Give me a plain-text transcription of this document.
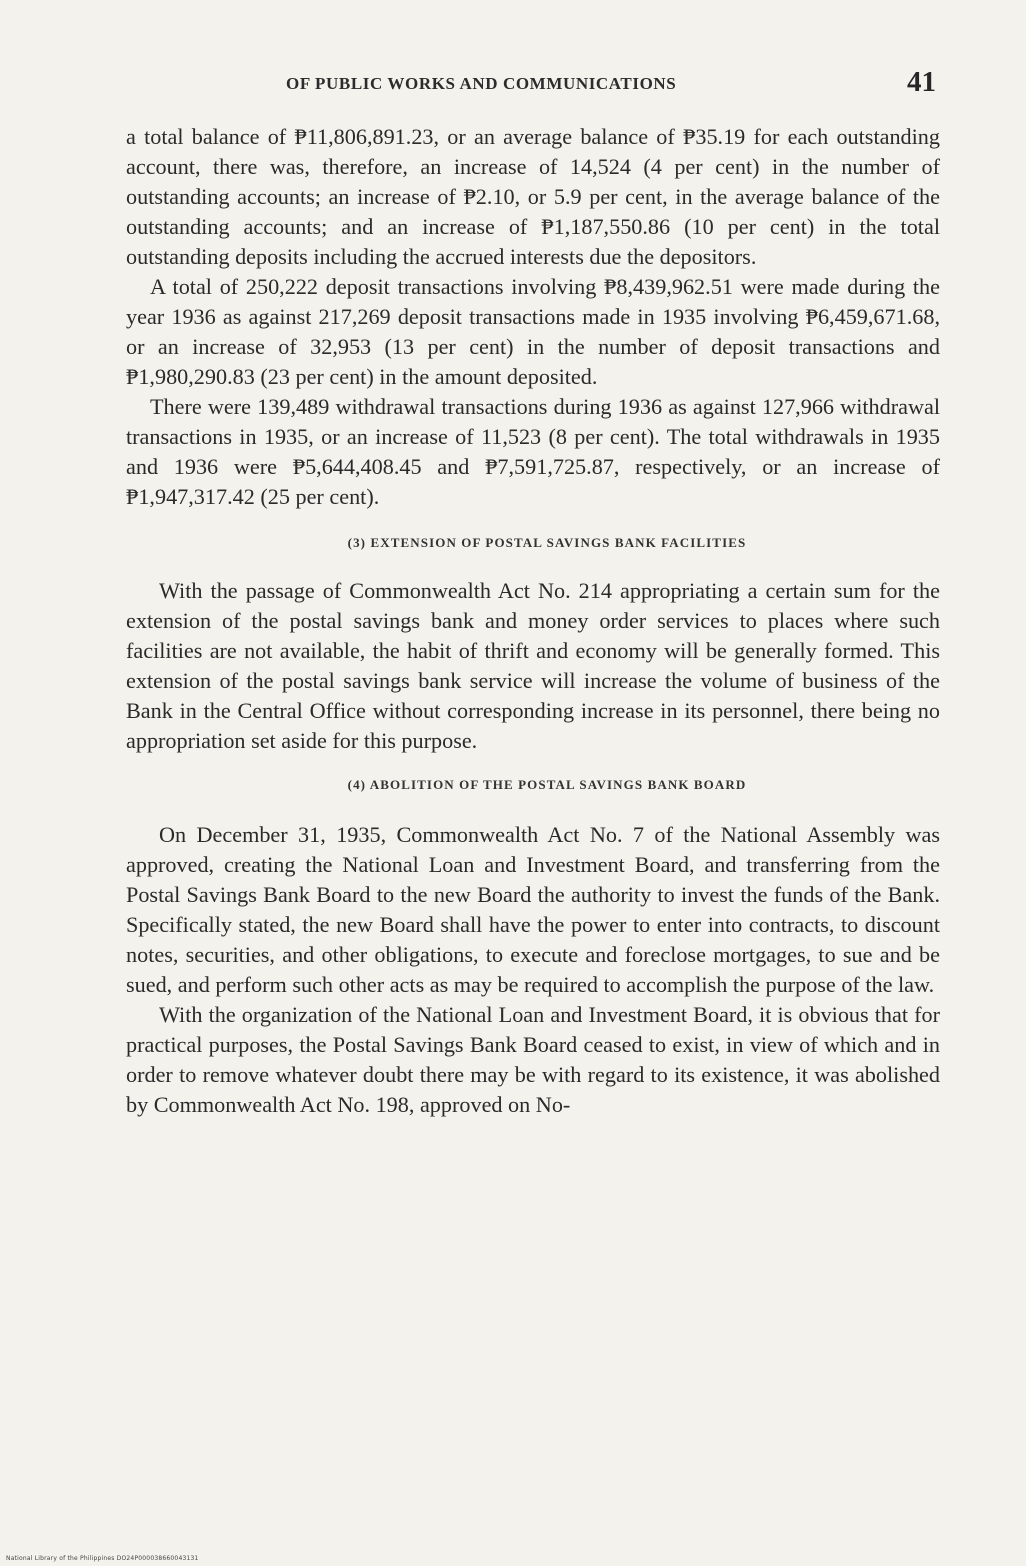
OF PUBLIC WORKS AND COMMUNICATIONS	41

a total balance of ₱11,806,891.23, or an average balance of ₱35.19 for each outstanding account, there was, therefore, an increase of 14,524 (4 per cent) in the number of outstanding accounts; an increase of ₱2.10, or 5.9 per cent, in the average balance of the outstanding accounts; and an increase of ₱1,187,550.86 (10 per cent) in the total outstanding deposits including the accrued interests due the depositors.

A total of 250,222 deposit transactions involving ₱8,439,962.51 were made during the year 1936 as against 217,269 deposit transactions made in 1935 involving ₱6,459,671.68, or an increase of 32,953 (13 per cent) in the number of deposit transactions and ₱1,980,290.83 (23 per cent) in the amount deposited.

There were 139,489 withdrawal transactions during 1936 as against 127,966 withdrawal transactions in 1935, or an increase of 11,523 (8 per cent). The total withdrawals in 1935 and 1936 were ₱5,644,408.45 and ₱7,591,725.87, respectively, or an increase of ₱1,947,317.42 (25 per cent).

(3) EXTENSION OF POSTAL SAVINGS BANK FACILITIES

With the passage of Commonwealth Act No. 214 appropriating a certain sum for the extension of the postal savings bank and money order services to places where such facilities are not available, the habit of thrift and economy will be generally formed. This extension of the postal savings bank service will increase the volume of business of the Bank in the Central Office without corresponding increase in its personnel, there being no appropriation set aside for this purpose.

(4) ABOLITION OF THE POSTAL SAVINGS BANK BOARD

On December 31, 1935, Commonwealth Act No. 7 of the National Assembly was approved, creating the National Loan and Investment Board, and transferring from the Postal Savings Bank Board to the new Board the authority to invest the funds of the Bank. Specifically stated, the new Board shall have the power to enter into contracts, to discount notes, securities, and other obligations, to execute and foreclose mortgages, to sue and be sued, and perform such other acts as may be required to accomplish the purpose of the law.

With the organization of the National Loan and Investment Board, it is obvious that for practical purposes, the Postal Savings Bank Board ceased to exist, in view of which and in order to remove whatever doubt there may be with regard to its existence, it was abolished by Commonwealth Act No. 198, approved on No-

National Library of the Philippines DO24P000038660043131
